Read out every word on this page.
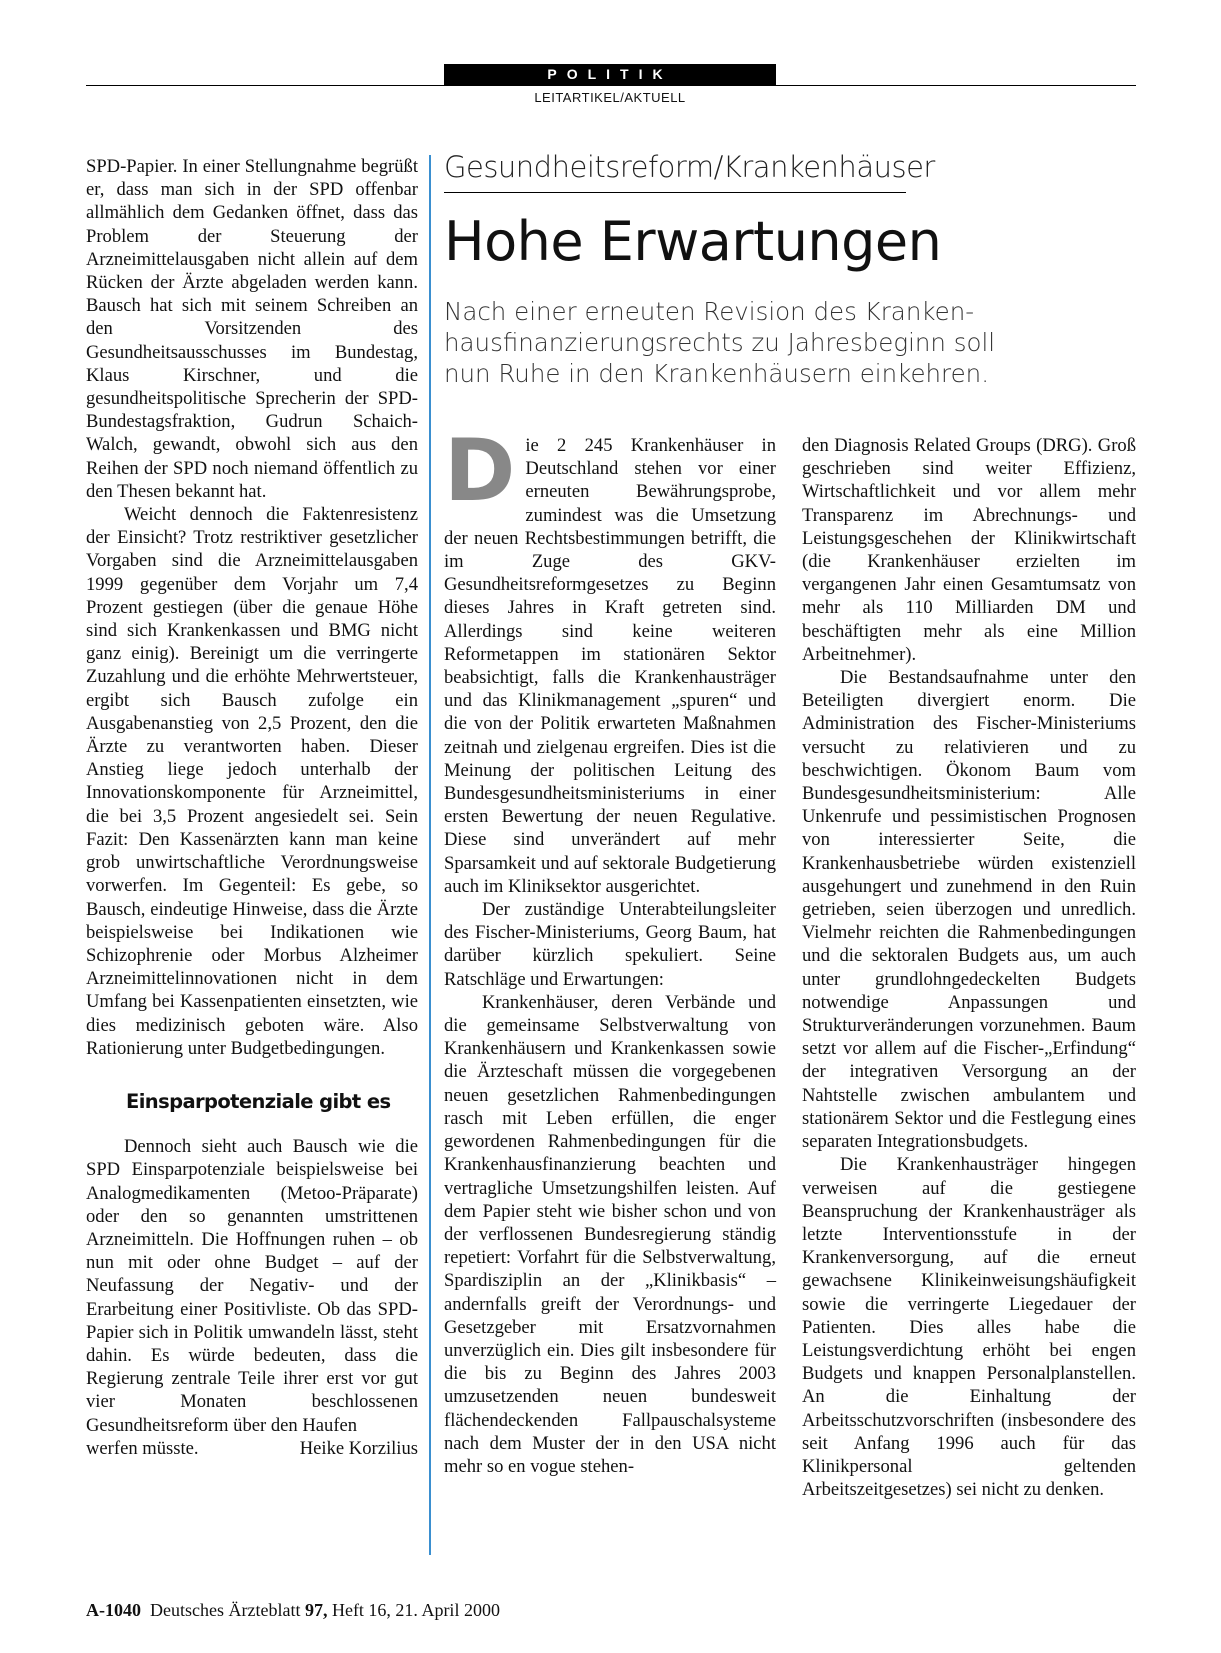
POLITIK
LEITARTIKEL/AKTUELL
Gesundheitsreform/Krankenhäuser
Hohe Erwartungen
Nach einer erneuten Revision des Kranken-
hausfinanzierungsrechts zu Jahresbeginn soll
nun Ruhe in den Krankenhäusern einkehren.

SPD-Papier. In einer Stellungnahme begrüßt er, dass man sich in der SPD offenbar allmählich dem Gedanken öffnet, dass das Problem der Steuerung der Arzneimittelausgaben nicht allein auf dem Rücken der Ärzte abgeladen werden kann. Bausch hat sich mit seinem Schreiben an den Vorsitzenden des Gesundheitsausschusses im Bundestag, Klaus Kirschner, und die gesundheitspolitische Sprecherin der SPD-Bundestagsfraktion, Gudrun Schaich-Walch, gewandt, obwohl sich aus den Reihen der SPD noch niemand öffentlich zu den Thesen bekannt hat.

Weicht dennoch die Faktenresistenz der Einsicht? Trotz restriktiver gesetzlicher Vorgaben sind die Arzneimittelausgaben 1999 gegenüber dem Vorjahr um 7,4 Prozent gestiegen (über die genaue Höhe sind sich Krankenkassen und BMG nicht ganz einig). Bereinigt um die verringerte Zuzahlung und die erhöhte Mehrwertsteuer, ergibt sich Bausch zufolge ein Ausgabenanstieg von 2,5 Prozent, den die Ärzte zu verantworten haben. Dieser Anstieg liege jedoch unterhalb der Innovationskomponente für Arzneimittel, die bei 3,5 Prozent angesiedelt sei. Sein Fazit: Den Kassenärzten kann man keine grob unwirtschaftliche Verordnungsweise vorwerfen. Im Gegenteil: Es gebe, so Bausch, eindeutige Hinweise, dass die Ärzte beispielsweise bei Indikationen wie Schizophrenie oder Morbus Alzheimer Arzneimittelinnovationen nicht in dem Umfang bei Kassenpatienten einsetzten, wie dies medizinisch geboten wäre. Also Rationierung unter Budgetbedingungen.

Einsparpotenziale gibt es

Dennoch sieht auch Bausch wie die SPD Einsparpotenziale beispielsweise bei Analogmedikamenten (Metoo-Präparate) oder den so genannten umstrittenen Arzneimitteln. Die Hoffnungen ruhen – ob nun mit oder ohne Budget – auf der Neufassung der Negativ- und der Erarbeitung einer Positivliste. Ob das SPD-Papier sich in Politik umwandeln lässt, steht dahin. Es würde bedeuten, dass die Regierung zentrale Teile ihrer erst vor gut vier Monaten beschlossenen Gesundheitsreform über den Haufen

werfen müsste.	Heike Korzilius

Die 2 245 Krankenhäuser in Deutschland stehen vor einer erneuten Bewährungsprobe, zumindest was die Umsetzung der neuen Rechtsbestimmungen betrifft, die im Zuge des GKV-Gesundheitsreformgesetzes zu Beginn dieses Jahres in Kraft getreten sind. Allerdings sind keine weiteren Reformetappen im stationären Sektor beabsichtigt, falls die Krankenhausträger und das Klinikmanagement „spuren“ und die von der Politik erwarteten Maßnahmen zeitnah und zielgenau ergreifen. Dies ist die Meinung der politischen Leitung des Bundesgesundheitsministeriums in einer ersten Bewertung der neuen Regulative. Diese sind unverändert auf mehr Sparsamkeit und auf sektorale Budgetierung auch im Kliniksektor ausgerichtet.

Der zuständige Unterabteilungsleiter des Fischer-Ministeriums, Georg Baum, hat darüber kürzlich spekuliert. Seine Ratschläge und Erwartungen:

Krankenhäuser, deren Verbände und die gemeinsame Selbstverwaltung von Krankenhäusern und Krankenkassen sowie die Ärzteschaft müssen die vorgegebenen neuen gesetzlichen Rahmenbedingungen rasch mit Leben erfüllen, die enger gewordenen Rahmenbedingungen für die Krankenhausfinanzierung beachten und vertragliche Umsetzungshilfen leisten. Auf dem Papier steht wie bisher schon und von der verflossenen Bundesregierung ständig repetiert: Vorfahrt für die Selbstverwaltung, Spardisziplin an der „Klinikbasis“ – andernfalls greift der Verordnungs- und Gesetzgeber mit Ersatzvornahmen unverzüglich ein. Dies gilt insbesondere für die bis zu Beginn des Jahres 2003 umzusetzenden neuen bundesweit flächendeckenden Fallpauschalsysteme nach dem Muster der in den USA nicht mehr so en vogue stehen-

den Diagnosis Related Groups (DRG). Groß geschrieben sind weiter Effizienz, Wirtschaftlichkeit und vor allem mehr Transparenz im Abrechnungs- und Leistungsgeschehen der Klinikwirtschaft (die Krankenhäuser erzielten im vergangenen Jahr einen Gesamtumsatz von mehr als 110 Milliarden DM und beschäftigten mehr als eine Million Arbeitnehmer).

Die Bestandsaufnahme unter den Beteiligten divergiert enorm. Die Administration des Fischer-Ministeriums versucht zu relativieren und zu beschwichtigen. Ökonom Baum vom Bundesgesundheitsministerium: Alle Unkenrufe und pessimistischen Prognosen von interessierter Seite, die Krankenhausbetriebe würden existenziell ausgehungert und zunehmend in den Ruin getrieben, seien überzogen und unredlich. Vielmehr reichten die Rahmenbedingungen und die sektoralen Budgets aus, um auch unter grundlohngedeckelten Budgets notwendige Anpassungen und Strukturveränderungen vorzunehmen. Baum setzt vor allem auf die Fischer-„Erfindung“ der integrativen Versorgung an der Nahtstelle zwischen ambulantem und stationärem Sektor und die Festlegung eines separaten Integrationsbudgets.

Die Krankenhausträger hingegen verweisen auf die gestiegene Beanspruchung der Krankenhausträger als letzte Interventionsstufe in der Krankenversorgung, auf die erneut gewachsene Klinikeinweisungshäufigkeit sowie die verringerte Liegedauer der Patienten. Dies alles habe die Leistungsverdichtung erhöht bei engen Budgets und knappen Personalplanstellen. An die Einhaltung der Arbeitsschutzvorschriften (insbesondere des seit Anfang 1996 auch für das Klinikpersonal geltenden Arbeitszeitgesetzes) sei nicht zu denken.

A-1040 Deutsches Ärzteblatt 97, Heft 16, 21. April 2000
